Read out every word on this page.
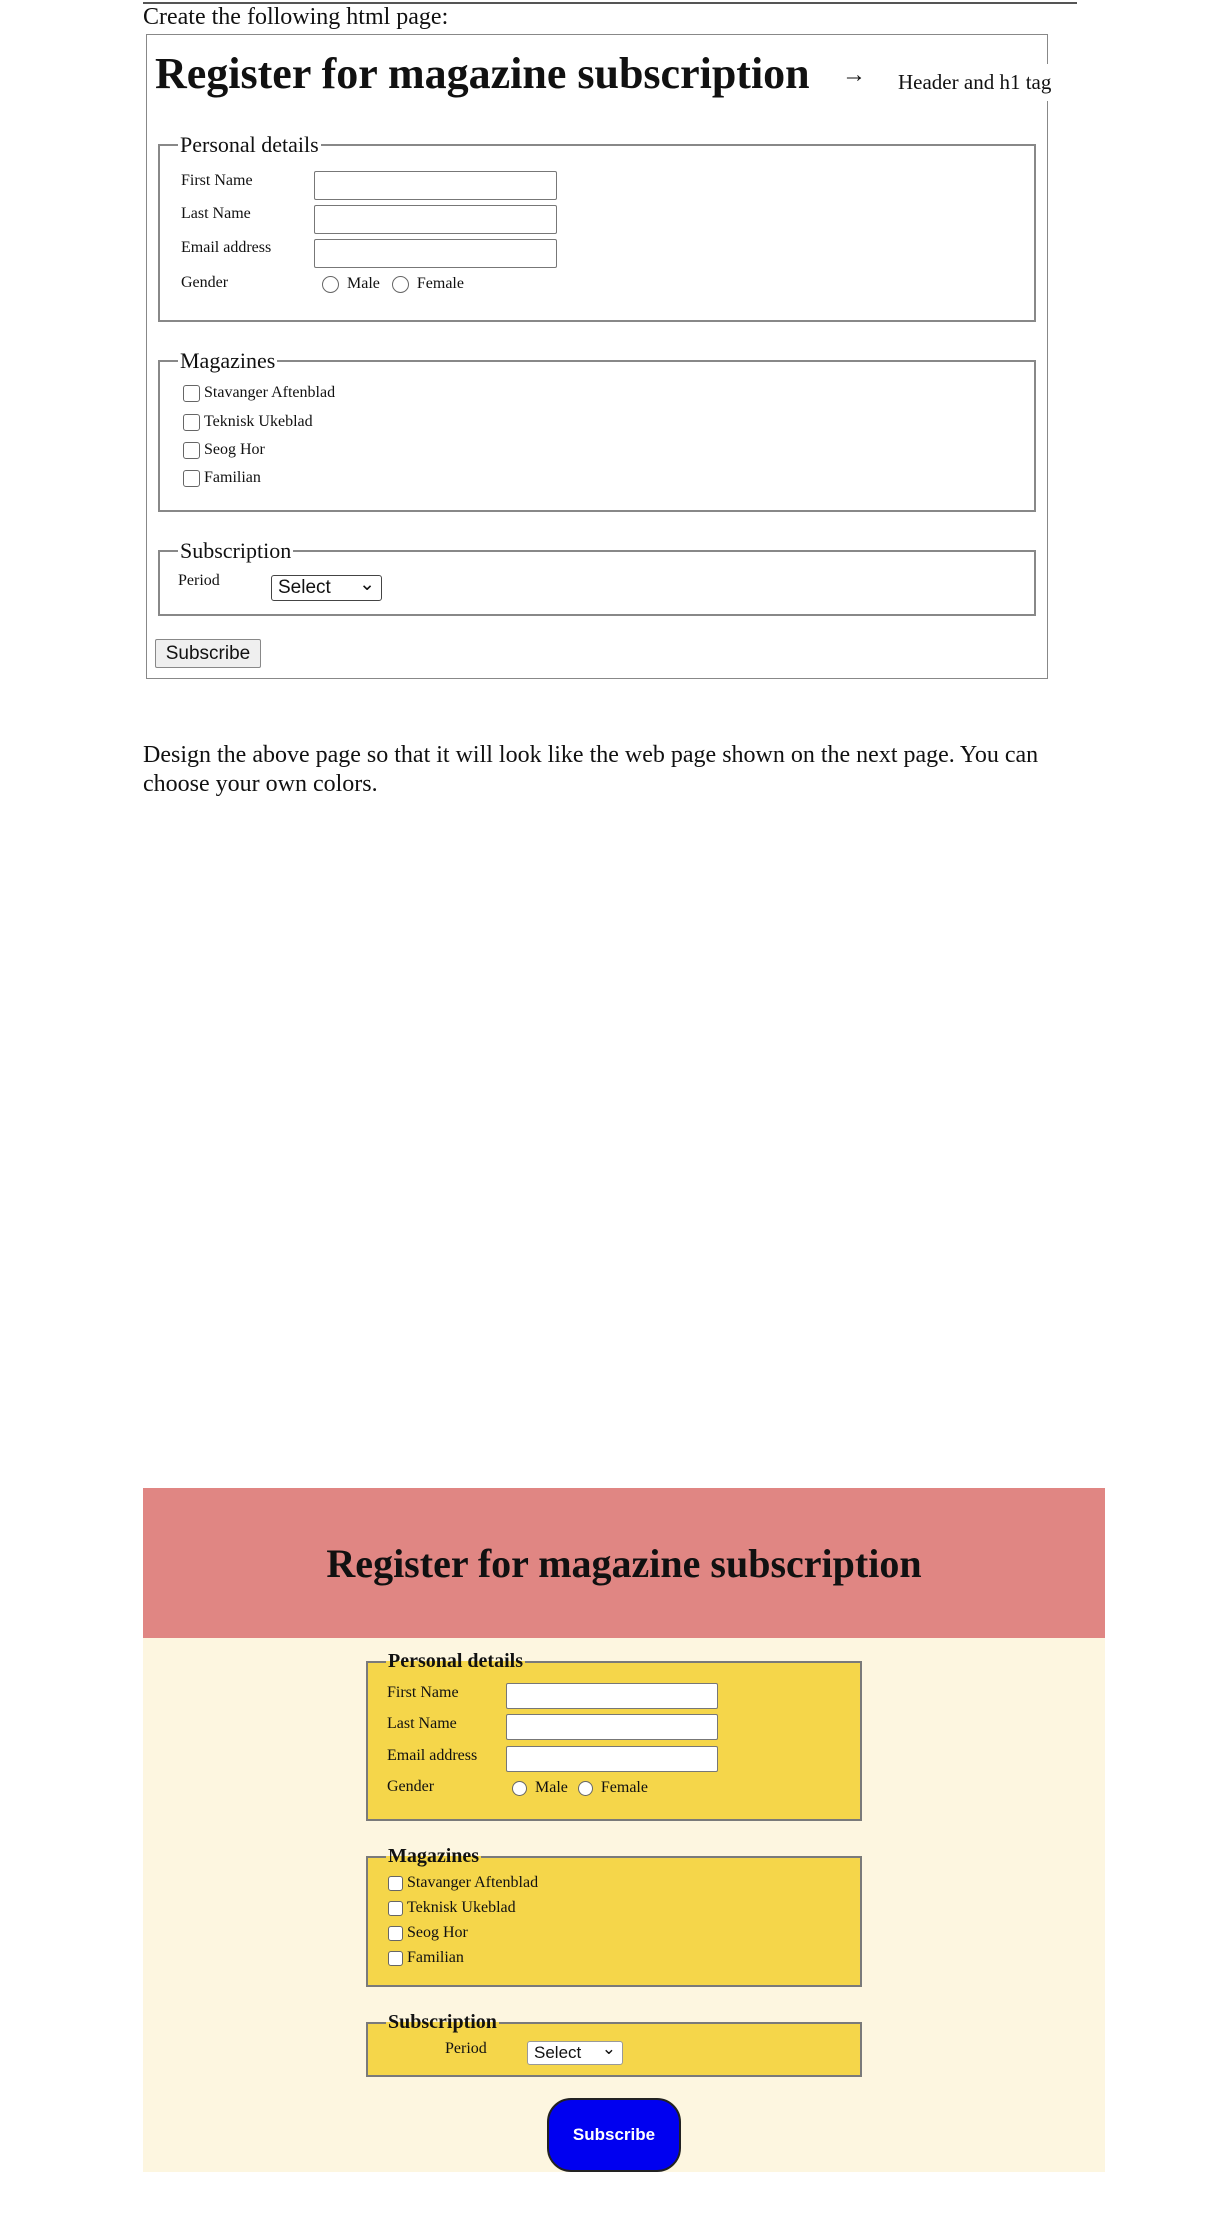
Create the following html page:
Register for magazine subscription →	Header and h1 tag
Personal details
First Name
Last Name
Email address
Gender	Male Female
Magazines
Stavanger Aftenblad
Teknisk Ukeblad
Seog Hor
Familian
Subscription
Period	Select ⌄
Subscribe
Design the above page so that it will look like the web page shown on the next page. You can choose your own colors.
Register for magazine subscription
Personal details
First Name
Last Name
Email address
Gender	Male Female
Magazines
Stavanger Aftenblad
Teknisk Ukeblad
Seog Hor
Familian
Subscription
Period	Select ⌄
Subscribe
